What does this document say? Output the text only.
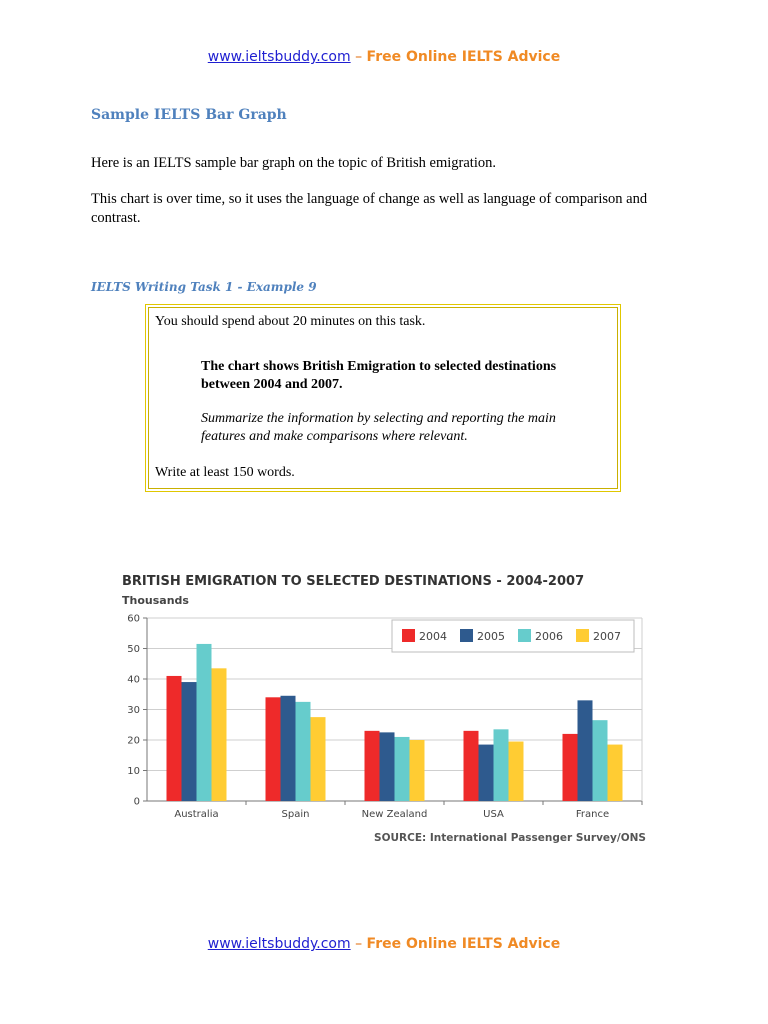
www.ieltsbuddy.com – Free Online IELTS Advice
Sample IELTS Bar Graph
Here is an IELTS sample bar graph on the topic of British emigration.
This chart is over time, so it uses the language of change as well as language of comparison and contrast.
IELTS Writing Task 1 - Example 9
You should spend about 20 minutes on this task.
The chart shows British Emigration to selected destinations between 2004 and 2007.
Summarize the information by selecting and reporting the main features and make comparisons where relevant.
Write at least 150 words.
BRITISH EMIGRATION TO SELECTED DESTINATIONS - 2004-2007
Thousands
0
10
20
30
40
50
60
Australia	Spain	New Zealand	USA	France
2004	2005	2006	2007
SOURCE: International Passenger Survey/ONS
www.ieltsbuddy.com – Free Online IELTS Advice
